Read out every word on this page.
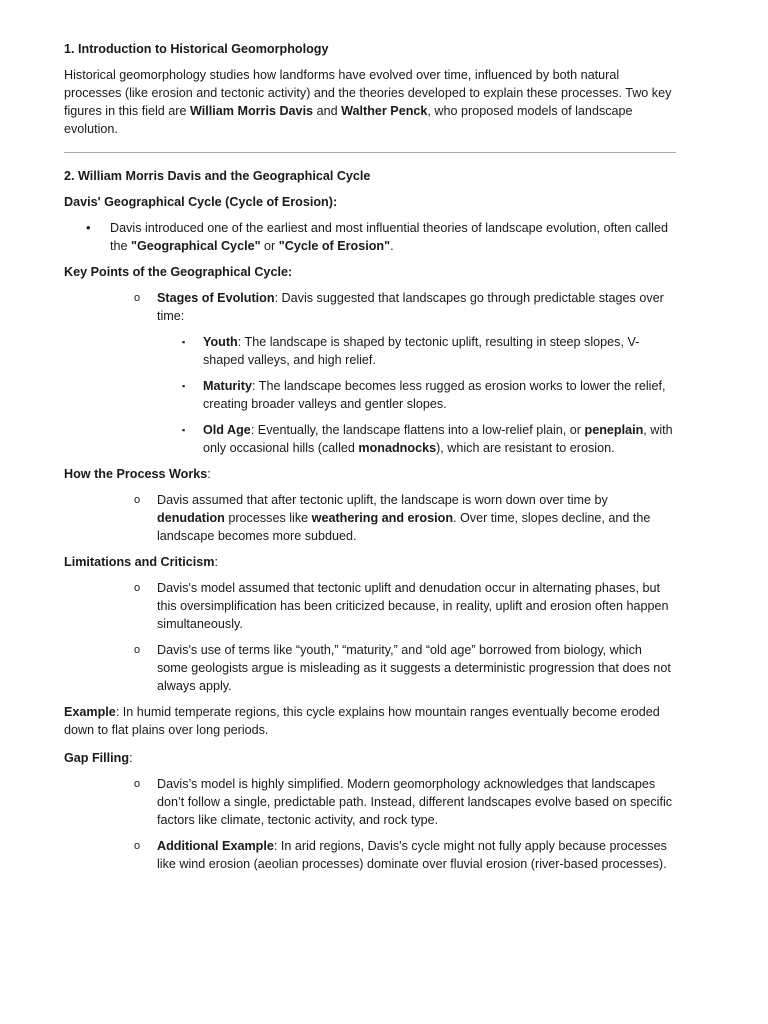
1. Introduction to Historical Geomorphology
Historical geomorphology studies how landforms have evolved over time, influenced by both natural processes (like erosion and tectonic activity) and the theories developed to explain these processes. Two key figures in this field are William Morris Davis and Walther Penck, who proposed models of landscape evolution.
2. William Morris Davis and the Geographical Cycle
Davis' Geographical Cycle (Cycle of Erosion):
• Davis introduced one of the earliest and most influential theories of landscape evolution, often called the "Geographical Cycle" or "Cycle of Erosion".
Key Points of the Geographical Cycle:
o Stages of Evolution: Davis suggested that landscapes go through predictable stages over time:
▪ Youth: The landscape is shaped by tectonic uplift, resulting in steep slopes, V-shaped valleys, and high relief.
▪ Maturity: The landscape becomes less rugged as erosion works to lower the relief, creating broader valleys and gentler slopes.
▪ Old Age: Eventually, the landscape flattens into a low-relief plain, or peneplain, with only occasional hills (called monadnocks), which are resistant to erosion.
How the Process Works:
o Davis assumed that after tectonic uplift, the landscape is worn down over time by denudation processes like weathering and erosion. Over time, slopes decline, and the landscape becomes more subdued.
Limitations and Criticism:
o Davis's model assumed that tectonic uplift and denudation occur in alternating phases, but this oversimplification has been criticized because, in reality, uplift and erosion often happen simultaneously.
o Davis's use of terms like “youth,” “maturity,” and “old age” borrowed from biology, which some geologists argue is misleading as it suggests a deterministic progression that does not always apply.
Example: In humid temperate regions, this cycle explains how mountain ranges eventually become eroded down to flat plains over long periods.
Gap Filling:
o Davis’s model is highly simplified. Modern geomorphology acknowledges that landscapes don’t follow a single, predictable path. Instead, different landscapes evolve based on specific factors like climate, tectonic activity, and rock type.
o Additional Example: In arid regions, Davis's cycle might not fully apply because processes like wind erosion (aeolian processes) dominate over fluvial erosion (river-based processes).
